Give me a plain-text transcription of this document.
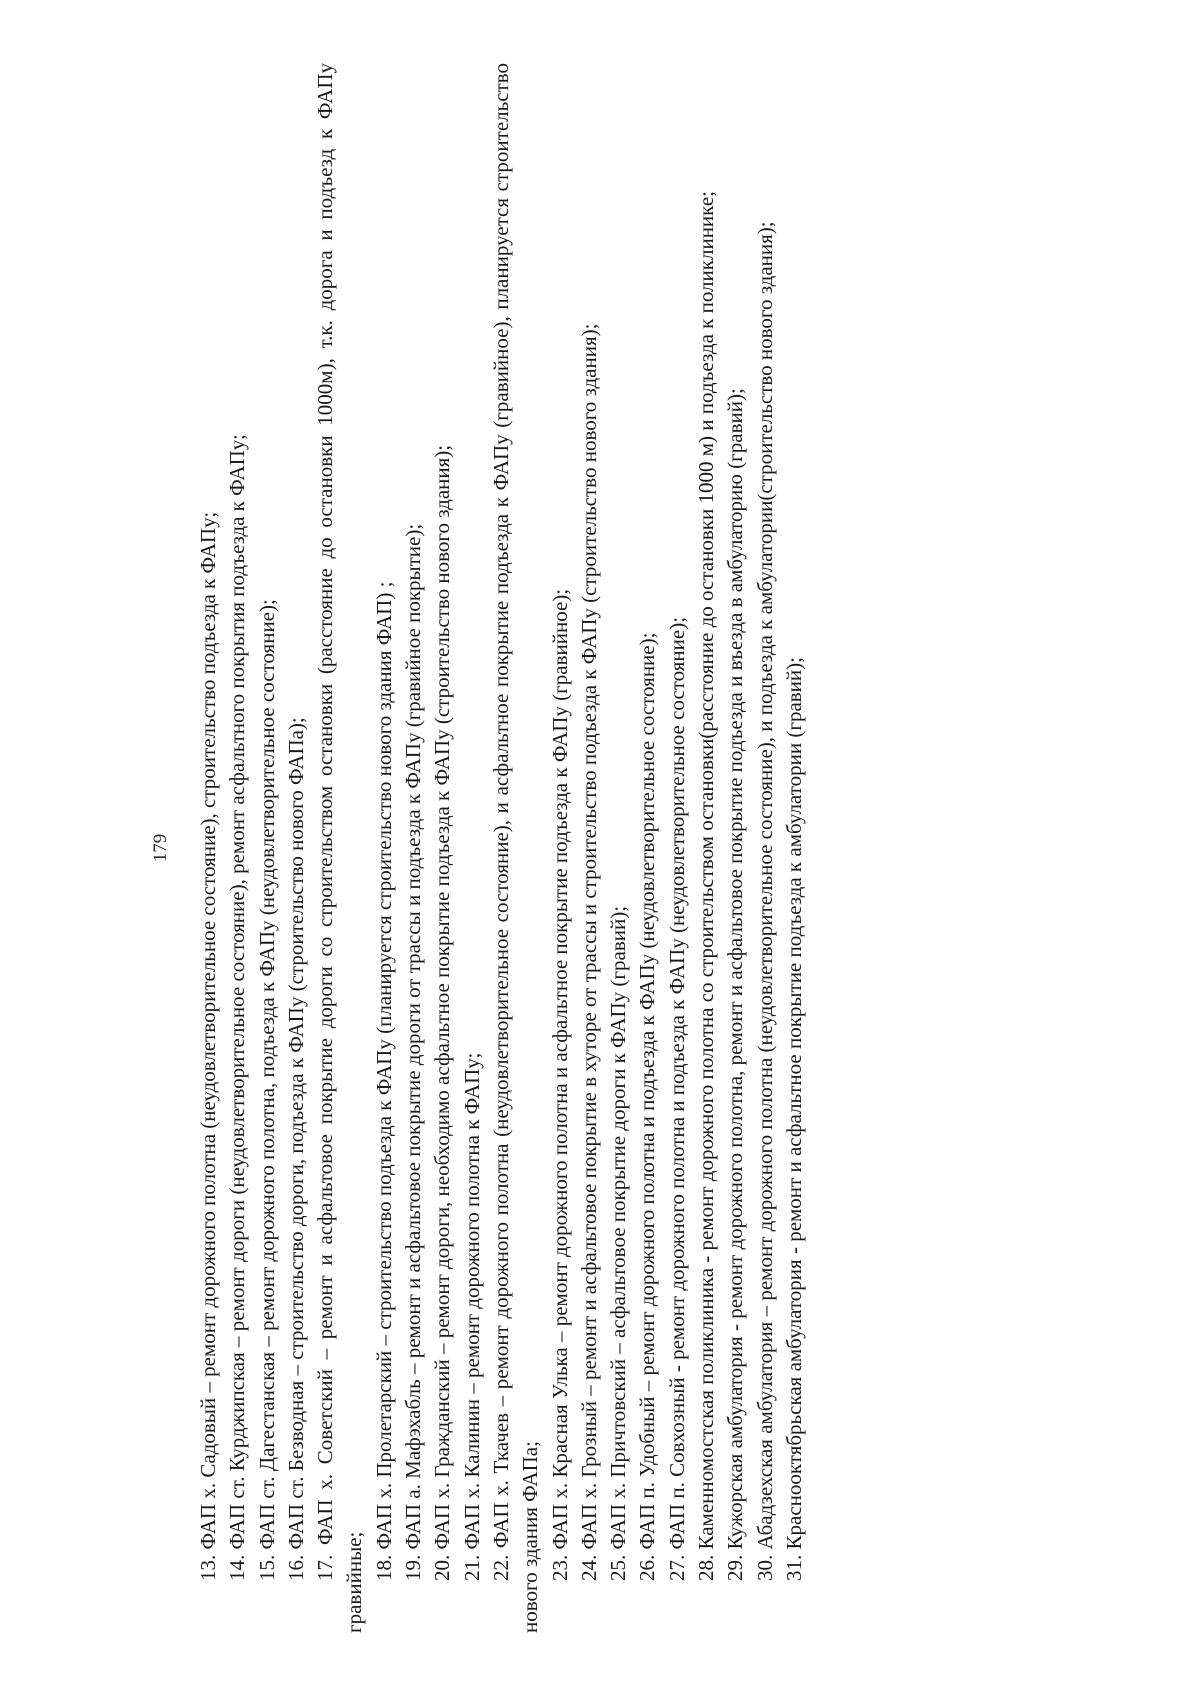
179 13. ФАП х. Садовый – ремонт дорожного полотна (неудовлетворительное состояние), строительство подъезда к ФАПу; 14. ФАП ст. Курджипская – ремонт дороги (неудовлетворительное состояние), ремонт асфальтного покрытия подъезда к ФАПу; 15. ФАП ст. Дагестанская – ремонт дорожного полотна, подъезда к ФАПу (неудовлетворительное состояние); 16. ФАП ст. Безводная – строительство дороги, подъезда к ФАПу (строительство нового ФАПа); 17. ФАП х. Советский – ремонт и асфальтовое покрытие дороги со строительством остановки (расстояние до остановки 1000м), т.к. дорога и подъезд к ФАПу гравийные;

18. ФАП х. Пролетарский – строительство подъезда к ФАПу (планируется строительство нового здания ФАП) ; 19. ФАП а. Мафэхабль – ремонт и асфальтовое покрытие дороги от трассы и подъезда к ФАПу (гравийное покрытие); 20. ФАП х. Гражданский – ремонт дороги, необходимо асфальтное покрытие подъезда к ФАПу (строительство нового здания); 21. ФАП х. Калинин – ремонт дорожного полотна к ФАПу; 22. ФАП х. Ткачев – ремонт дорожного полотна (неудовлетворительное состояние), и асфальтное покрытие подъезда к ФАПу (гравийное), планируется строительство нового здания ФАПа; 23. ФАП х. Красная Улька – ремонт дорожного полотна и асфальтное покрытие подъезда к ФАПу (гравийное); 24. ФАП х. Грозный – ремонт и асфальтовое покрытие в хуторе от трассы и строительство подъезда к ФАПу (строительство нового здания); 25. ФАП х. Причтовский – асфальтовое покрытие дороги к ФАПу (гравий); 26. ФАП п. Удобный – ремонт дорожного полотна и подъезда к ФАПу (неудовлетворительное состояние); 27. ФАП п. Совхозный - ремонт дорожного полотна и подъезда к ФАПу (неудовлетворительное состояние); 28. Каменномостская поликлиника - ремонт дорожного полотна со строительством остановки(расстояние до остановки 1000 м) и подъезда к поликлинике; 29. Кужорская амбулатория - ремонт дорожного полотна, ремонт и асфальтовое покрытие подъезда и въезда в амбулаторию (гравий); 30. Абадзехская амбулатория – ремонт дорожного полотна (неудовлетворительное состояние), и подъезда к амбулатории(строительство нового здания); 31. Краснооктябрьская амбулатория - ремонт и асфальтное покрытие подъезда к амбулатории (гравий);
